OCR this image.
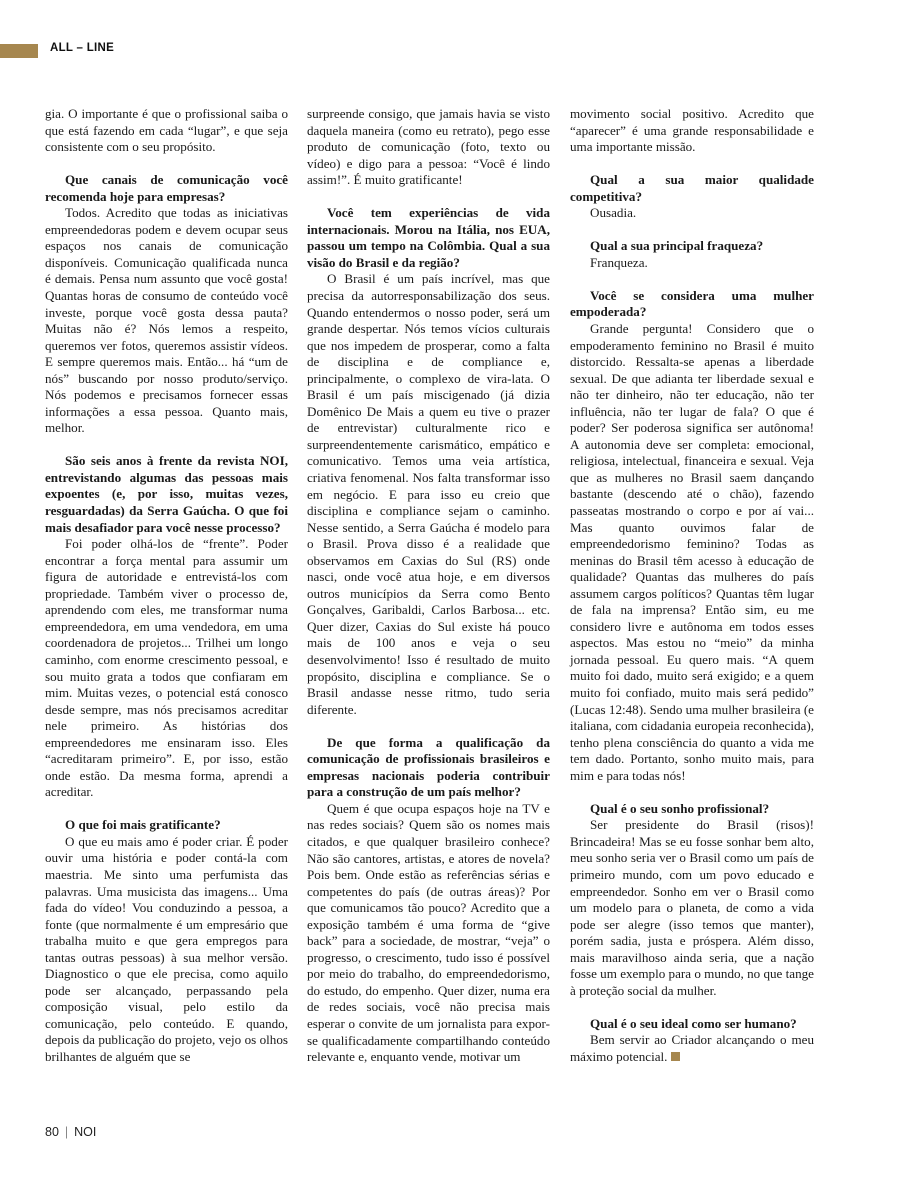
ALL – LINE

gia. O importante é que o profissional saiba o que está fazendo em cada “lugar”, e que seja consistente com o seu propósito.

Que canais de comunicação você recomenda hoje para empresas?

Todos. Acredito que todas as iniciativas empreendedoras podem e devem ocupar seus espaços nos canais de comunicação disponíveis. Comunicação qualificada nunca é demais. Pensa num assunto que você gosta! Quantas horas de consumo de conteúdo você investe, porque você gosta dessa pauta? Muitas não é? Nós lemos a respeito, queremos ver fotos, queremos assistir vídeos. E sempre queremos mais. Então... há “um de nós” buscando por nosso produto/serviço. Nós podemos e precisamos fornecer essas informações a essa pessoa. Quanto mais, melhor.

São seis anos à frente da revista NOI, entrevistando algumas das pessoas mais expoentes (e, por isso, muitas vezes, resguardadas) da Serra Gaúcha. O que foi mais desafiador para você nesse processo?

Foi poder olhá-los de “frente”. Poder encontrar a força mental para assumir um figura de autoridade e entrevistá-los com propriedade. Também viver o processo de, aprendendo com eles, me transformar numa empreendedora, em uma vendedora, em uma coordenadora de projetos... Trilhei um longo caminho, com enorme crescimento pessoal, e sou muito grata a todos que confiaram em mim. Muitas vezes, o potencial está conosco desde sempre, mas nós precisamos acreditar nele primeiro. As histórias dos empreendedores me ensinaram isso. Eles “acreditaram primeiro”. E, por isso, estão onde estão. Da mesma forma, aprendi a acreditar.

O que foi mais gratificante?

O que eu mais amo é poder criar. É poder ouvir uma história e poder contá-la com maestria. Me sinto uma perfumista das palavras. Uma musicista das imagens... Uma fada do vídeo! Vou conduzindo a pessoa, a fonte (que normalmente é um empresário que trabalha muito e que gera empregos para tantas outras pessoas) à sua melhor versão. Diagnostico o que ele precisa, como aquilo pode ser alcançado, perpassando pela composição visual, pelo estilo da comunicação, pelo conteúdo. E quando, depois da publicação do projeto, vejo os olhos brilhantes de alguém que se

surpreende consigo, que jamais havia se visto daquela maneira (como eu retrato), pego esse produto de comunicação (foto, texto ou vídeo) e digo para a pessoa: “Você é lindo assim!”. É muito gratificante!

Você tem experiências de vida internacionais. Morou na Itália, nos EUA, passou um tempo na Colômbia. Qual a sua visão do Brasil e da região?

O Brasil é um país incrível, mas que precisa da autorresponsabilização dos seus. Quando entendermos o nosso poder, será um grande despertar. Nós temos vícios culturais que nos impedem de prosperar, como a falta de disciplina e de compliance e, principalmente, o complexo de vira-lata. O Brasil é um país miscigenado (já dizia Domênico De Mais a quem eu tive o prazer de entrevistar) culturalmente rico e surpreendentemente carismático, empático e comunicativo. Temos uma veia artística, criativa fenomenal. Nos falta transformar isso em negócio. E para isso eu creio que disciplina e compliance sejam o caminho. Nesse sentido, a Serra Gaúcha é modelo para o Brasil. Prova disso é a realidade que observamos em Caxias do Sul (RS) onde nasci, onde você atua hoje, e em diversos outros municípios da Serra como Bento Gonçalves, Garibaldi, Carlos Barbosa... etc. Quer dizer, Caxias do Sul existe há pouco mais de 100 anos e veja o seu desenvolvimento! Isso é resultado de muito propósito, disciplina e compliance. Se o Brasil andasse nesse ritmo, tudo seria diferente.

De que forma a qualificação da comunicação de profissionais brasileiros e empresas nacionais poderia contribuir para a construção de um país melhor?

Quem é que ocupa espaços hoje na TV e nas redes sociais? Quem são os nomes mais citados, e que qualquer brasileiro conhece? Não são cantores, artistas, e atores de novela? Pois bem. Onde estão as referências sérias e competentes do país (de outras áreas)? Por que comunicamos tão pouco? Acredito que a exposição também é uma forma de “give back” para a sociedade, de mostrar, “veja” o progresso, o crescimento, tudo isso é possível por meio do trabalho, do empreendedorismo, do estudo, do empenho. Quer dizer, numa era de redes sociais, você não precisa mais esperar o convite de um jornalista para expor-se qualificadamente compartilhando conteúdo relevante e, enquanto vende, motivar um

movimento social positivo. Acredito que “aparecer” é uma grande responsabilidade e uma importante missão.

Qual a sua maior qualidade competitiva?

Ousadia.

Qual a sua principal fraqueza?

Franqueza.

Você se considera uma mulher empoderada?

Grande pergunta! Considero que o empoderamento feminino no Brasil é muito distorcido. Ressalta-se apenas a liberdade sexual. De que adianta ter liberdade sexual e não ter dinheiro, não ter educação, não ter influência, não ter lugar de fala? O que é poder? Ser poderosa significa ser autônoma! A autonomia deve ser completa: emocional, religiosa, intelectual, financeira e sexual. Veja que as mulheres no Brasil saem dançando bastante (descendo até o chão), fazendo passeatas mostrando o corpo e por aí vai... Mas quanto ouvimos falar de empreendedorismo feminino? Todas as meninas do Brasil têm acesso à educação de qualidade? Quantas das mulheres do país assumem cargos políticos? Quantas têm lugar de fala na imprensa? Então sim, eu me considero livre e autônoma em todos esses aspectos. Mas estou no “meio” da minha jornada pessoal. Eu quero mais. “A quem muito foi dado, muito será exigido; e a quem muito foi confiado, muito mais será pedido” (Lucas 12:48). Sendo uma mulher brasileira (e italiana, com cidadania europeia reconhecida), tenho plena consciência do quanto a vida me tem dado. Portanto, sonho muito mais, para mim e para todas nós!

Qual é o seu sonho profissional?

Ser presidente do Brasil (risos)! Brincadeira! Mas se eu fosse sonhar bem alto, meu sonho seria ver o Brasil como um país de primeiro mundo, com um povo educado e empreendedor. Sonho em ver o Brasil como um modelo para o planeta, de como a vida pode ser alegre (isso temos que manter), porém sadia, justa e próspera. Além disso, mais maravilhoso ainda seria, que a nação fosse um exemplo para o mundo, no que tange à proteção social da mulher.

Qual é o seu ideal como ser humano?

Bem servir ao Criador alcançando o meu máximo potencial.

80 | NOI
